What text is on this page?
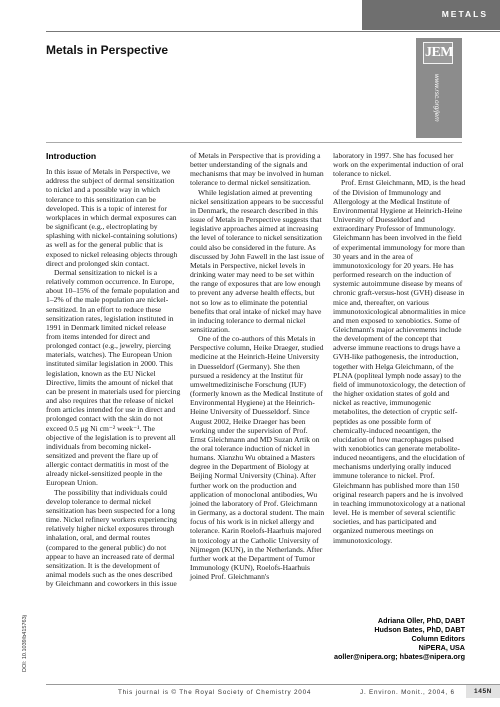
METALS
Metals in Perspective	JEM
www.rsc.org/jem
Introduction

In this issue of Metals in Perspective, we address the subject of dermal sensitization to nickel and a possible way in which tolerance to this sensitization can be developed. This is a topic of interest for workplaces in which dermal exposures can be significant (e.g., electroplating by splashing with nickel-containing solutions) as well as for the general public that is exposed to nickel releasing objects through direct and prolonged skin contact.

Dermal sensitization to nickel is a relatively common occurrence. In Europe, about 10–15% of the female population and 1–2% of the male population are nickel-sensitized. In an effort to reduce these sensitization rates, legislation instituted in 1991 in Denmark limited nickel release from items intended for direct and prolonged contact (e.g., jewelry, piercing materials, watches). The European Union instituted similar legislation in 2000. This legislation, known as the EU Nickel Directive, limits the amount of nickel that can be present in materials used for piercing and also requires that the release of nickel from articles intended for use in direct and prolonged contact with the skin do not exceed 0.5 μg Ni cm⁻² week⁻¹. The objective of the legislation is to prevent all individuals from becoming nickel-sensitized and prevent the flare up of allergic contact dermatitis in most of the already nickel-sensitized people in the European Union.

The possibility that individuals could develop tolerance to dermal nickel sensitization has been suspected for a long time. Nickel refinery workers experiencing relatively higher nickel exposures through inhalation, oral, and dermal routes (compared to the general public) do not appear to have an increased rate of dermal sensitization. It is the development of animal models such as the ones described by Gleichmann and coworkers in this issue

of Metals in Perspective that is providing a better understanding of the signals and mechanisms that may be involved in human tolerance to dermal nickel sensitization.

While legislation aimed at preventing nickel sensitization appears to be successful in Denmark, the research described in this issue of Metals in Perspective suggests that legislative approaches aimed at increasing the level of tolerance to nickel sensitization could also be considered in the future. As discussed by John Fawell in the last issue of Metals in Perspective, nickel levels in drinking water may need to be set within the range of exposures that are low enough to prevent any adverse health effects, but not so low as to eliminate the potential benefits that oral intake of nickel may have in inducing tolerance to dermal nickel sensitization.

One of the co-authors of this Metals in Perspective column, Heike Draeger, studied medicine at the Heinrich-Heine University in Duesseldorf (Germany). She then pursued a residency at the Institut für umweltmedizinische Forschung (IUF) (formerly known as the Medical Institute of Environmental Hygiene) at the Heinrich-Heine University of Duesseldorf. Since August 2002, Heike Draeger has been working under the supervision of Prof. Ernst Gleichmann and MD Suzan Artik on the oral tolerance induction of nickel in humans. Xianzhu Wu obtained a Masters degree in the Department of Biology at Beijing Normal University (China). After further work on the production and application of monoclonal antibodies, Wu joined the laboratory of Prof. Gleichmann in Germany, as a doctoral student. The main focus of his work is in nickel allergy and tolerance. Karin Roelofs-Haarhuis majored in toxicology at the Catholic University of Nijmegen (KUN), in the Netherlands. After further work at the Department of Tumor Immunology (KUN), Roelofs-Haarhuis joined Prof. Gleichmann's

laboratory in 1997. She has focused her work on the experimental induction of oral tolerance to nickel.

Prof. Ernst Gleichmann, MD, is the head of the Division of Immunology and Allergology at the Medical Institute of Environmental Hygiene at Heinrich-Heine University of Duesseldorf and extraordinary Professor of Immunology. Gleichmann has been involved in the field of experimental immunology for more than 30 years and in the area of immunotoxicology for 20 years. He has performed research on the induction of systemic autoimmune disease by means of chronic graft-versus-host (GVH) disease in mice and, thereafter, on various immunotoxicological abnormalities in mice and men exposed to xenobiotics. Some of Gleichmann's major achievements include the development of the concept that adverse immune reactions to drugs have a GVH-like pathogenesis, the introduction, together with Helga Gleichmann, of the PLNA (popliteal lymph node assay) to the field of immunotoxicology, the detection of the higher oxidation states of gold and nickel as reactive, immunogenic metabolites, the detection of cryptic self-peptides as one possible form of chemically-induced neoantigen, the elucidation of how macrophages pulsed with xenobiotics can generate metabolite-induced neoantigens, and the elucidation of mechanisms underlying orally induced immune tolerance to nickel. Prof. Gleichmann has published more than 150 original research papers and he is involved in teaching immunotoxicology at a national level. He is member of several scientific societies, and has participated and organized numerous meetings on immunotoxicology.

Adriana Oller, PhD, DABT
Hudson Bates, PhD, DABT
Column Editors
NiPERA, USA
aoller@nipera.org; hbates@nipera.org
DOI: 10.1039/b415763j
This journal is © The Royal Society of Chemistry 2004	J. Environ. Monit., 2004, 6	145N
